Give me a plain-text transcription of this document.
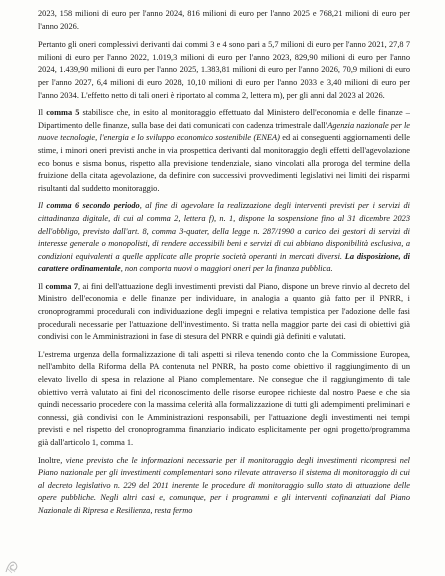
2023, 158 milioni di euro per l'anno 2024, 816 milioni di euro per l'anno 2025 e 768,21 milioni di euro per l'anno 2026.

Pertanto gli oneri complessivi derivanti dai commi 3 e 4 sono pari a 5,7 milioni di euro per l'anno 2021, 27,8 7 milioni di euro per l'anno 2022, 1.019,3 milioni di euro per l'anno 2023, 829,90 milioni di euro per l'anno 2024, 1.439,90 milioni di euro per l'anno 2025, 1.383,81 milioni di euro per l'anno 2026, 70,9 milioni di euro per l'anno 2027, 6,4 milioni di euro 2028, 10,10 milioni di euro per l'anno 2033 e 3,40 milioni di euro per l'anno 2034. L'effetto netto di tali oneri è riportato al comma 2, lettera m), per gli anni dal 2023 al 2026.

Il comma 5 stabilisce che, in esito al monitoraggio effettuato dal Ministero dell'economia e delle finanze – Dipartimento delle finanze, sulla base dei dati comunicati con cadenza trimestrale dall'Agenzia nazionale per le nuove tecnologie, l'energia e lo sviluppo economico sostenibile (ENEA) ed ai conseguenti aggiornamenti delle stime, i minori oneri previsti anche in via prospettica derivanti dal monitoraggio degli effetti dell'agevolazione eco bonus e sisma bonus, rispetto alla previsione tendenziale, siano vincolati alla proroga del termine della fruizione della citata agevolazione, da definire con successivi provvedimenti legislativi nei limiti dei risparmi risultanti dal suddetto monitoraggio.

Il comma 6 secondo periodo, al fine di agevolare la realizzazione degli interventi previsti per i servizi di cittadinanza digitale, di cui al comma 2, lettera f), n. 1, dispone la sospensione fino al 31 dicembre 2023 dell'obbligo, previsto dall'art. 8, comma 3-quater, della legge n. 287/1990 a carico dei gestori di servizi di interesse generale o monopolisti, di rendere accessibili beni e servizi di cui abbiano disponibilità esclusiva, a condizioni equivalenti a quelle applicate alle proprie società operanti in mercati diversi. La disposizione, di carattere ordinamentale, non comporta nuovi o maggiori oneri per la finanza pubblica.

Il comma 7, ai fini dell'attuazione degli investimenti previsti dal Piano, dispone un breve rinvio al decreto del Ministro dell'economia e delle finanze per individuare, in analogia a quanto già fatto per il PNRR, i cronoprogrammi procedurali con individuazione degli impegni e relativa tempistica per l'adozione delle fasi procedurali necessarie per l'attuazione dell'investimento. Si tratta nella maggior parte dei casi di obiettivi già condivisi con le Amministrazioni in fase di stesura del PNRR e quindi già definiti e valutati.

L'estrema urgenza della formalizzazione di tali aspetti si rileva tenendo conto che la Commissione Europea, nell'ambito della Riforma della PA contenuta nel PNRR, ha posto come obiettivo il raggiungimento di un elevato livello di spesa in relazione al Piano complementare. Ne consegue che il raggiungimento di tale obiettivo verrà valutato ai fini del riconoscimento delle risorse europee richieste dal nostro Paese e che sia quindi necessario procedere con la massima celerità alla formalizzazione di tutti gli adempimenti preliminari e connessi, già condivisi con le Amministrazioni responsabili, per l'attuazione degli investimenti nei tempi previsti e nel rispetto del cronoprogramma finanziario indicato esplicitamente per ogni progetto/programma già dall'articolo 1, comma 1.

Inoltre, viene previsto che le informazioni necessarie per il monitoraggio degli investimenti ricompresi nel Piano nazionale per gli investimenti complementari sono rilevate attraverso il sistema di monitoraggio di cui al decreto legislativo n. 229 del 2011 inerente le procedure di monitoraggio sullo stato di attuazione delle opere pubbliche. Negli altri casi e, comunque, per i programmi e gli interventi cofinanziati dal Piano Nazionale di Ripresa e Resilienza, resta fermo
